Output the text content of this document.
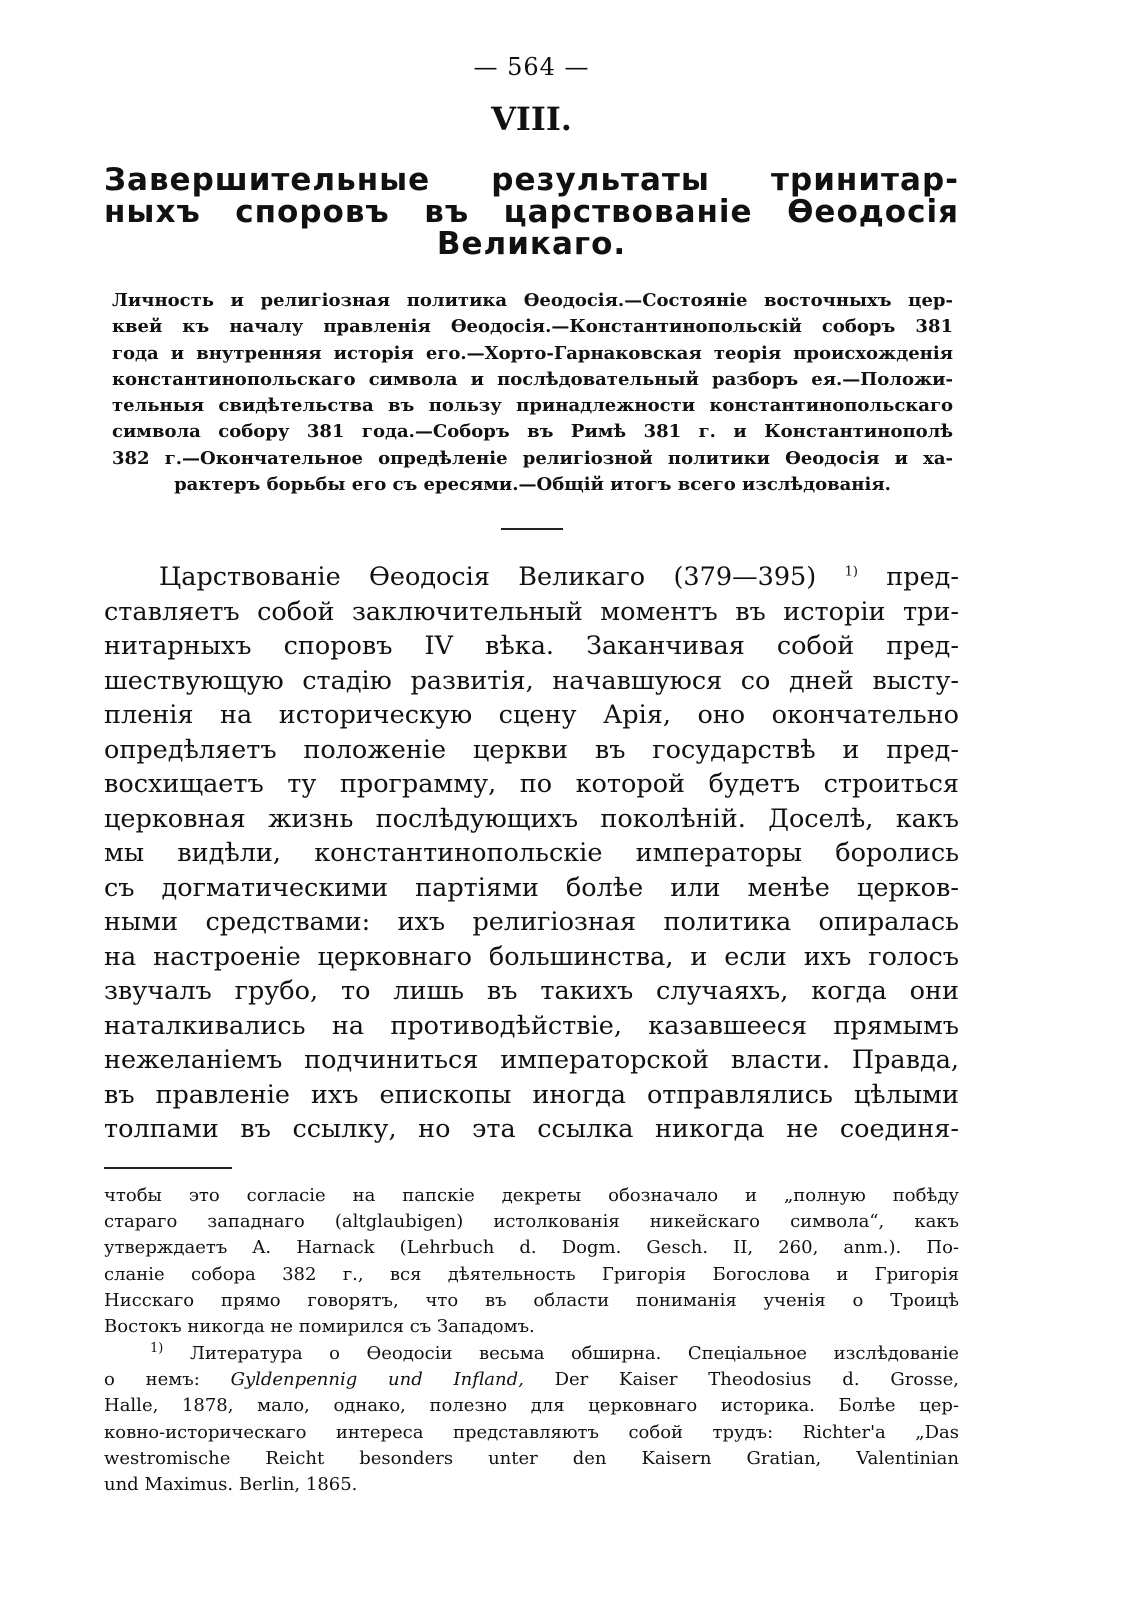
— 564 —
VIII.
Завершительные результаты тринитар-
ныхъ споровъ въ царствованіе Ѳеодосія
Великаго.
Личность и религіозная политика Ѳеодосія.—Состояніе восточныхъ цер-
квей къ началу правленія Ѳеодосія.—Константинопольскій соборъ 381
года и внутренняя исторія его.—Хорто-Гарнаковская теорія происхожденія
константинопольскаго символа и послѣдовательный разборъ ея.—Положи-
тельныя свидѣтельства въ пользу принадлежности константинопольскаго
символа собору 381 года.—Соборъ въ Римѣ 381 г. и Константинополѣ
382 г.—Окончательное опредѣленіе религіозной политики Ѳеодосія и ха-
рактеръ борьбы его съ ересями.—Общій итогъ всего изслѣдованія.
Царствованіе Ѳеодосія Великаго (379—395) $^{1)}$ пред-
ставляетъ собой заключительный моментъ въ исторіи три-
нитарныхъ споровъ IV вѣка. Заканчивая собой пред-
шествующую стадію развитія, начавшуюся со дней высту-
пленія на историческую сцену Арія, оно окончательно
опредѣляетъ положеніе церкви въ государствѣ и пред-
восхищаетъ ту программу, по которой будетъ строиться
церковная жизнь послѣдующихъ поколѣній. Доселѣ, какъ
мы видѣли, константинопольскіе императоры боролись
съ догматическими партіями болѣе или менѣе церков-
ными средствами: ихъ религіозная политика опиралась
на настроеніе церковнаго большинства, и если ихъ голосъ
звучалъ грубо, то лишь въ такихъ случаяхъ, когда они
наталкивались на противодѣйствіе, казавшееся прямымъ
нежеланіемъ подчиниться императорской власти. Правда,
въ правленіе ихъ епископы иногда отправлялись цѣлыми
толпами въ ссылку, но эта ссылка никогда не соединя-
чтобы это согласіе на папскіе декреты обозначало и „полную побѣду
стараго западнаго (altglaubigen) истолкованія никейскаго символа“, какъ
утверждаетъ A. Harnack (Lehrbuch d. Dogm. Gesch. II, 260, anm.). По-
сланіе собора 382 г., вся дѣятельность Григорія Богослова и Григорія
Нисскаго прямо говорятъ, что въ области пониманія ученія о Троицѣ
Востокъ никогда не помирился съ Западомъ.
$^{1)}$ Литература о Ѳеодосіи весьма обширна. Спеціальное изслѣдованіе
о немъ: Gyldenpennig und Infland, Der Kaiser Theodosius d. Grosse,
Halle, 1878, мало, однако, полезно для церковнаго историка. Болѣе цер-
ковно-историческаго интереса представляютъ собой трудъ: Richter'a „Das
westromische Reicht besonders unter den Kaisern Gratian, Valentinian
und Maximus. Berlin, 1865.
